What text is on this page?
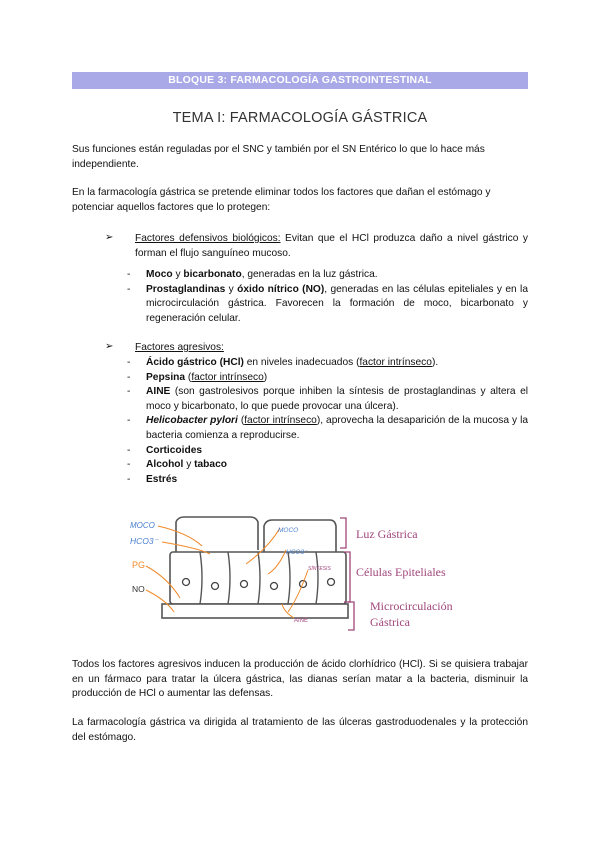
BLOQUE 3: FARMACOLOGÍA GASTROINTESTINAL
TEMA I: FARMACOLOGÍA GÁSTRICA
Sus funciones están reguladas por el SNC y también por el SN Entérico lo que lo hace más independiente.
En la farmacología gástrica se pretende eliminar todos los factores que dañan el estómago y potenciar aquellos factores que lo protegen:
➢ Factores defensivos biológicos: Evitan que el HCl produzca daño a nivel gástrico y forman el flujo sanguíneo mucoso.
- Moco y bicarbonato, generadas en la luz gástrica.
- Prostaglandinas y óxido nítrico (NO), generadas en las células epiteliales y en la microcirculación gástrica. Favorecen la formación de moco, bicarbonato y regeneración celular.
➢ Factores agresivos:
- Ácido gástrico (HCl) en niveles inadecuados (factor intrínseco).
- Pepsina (factor intrínseco)
- AINE (son gastrolesivos porque inhiben la síntesis de prostaglandinas y altera el moco y bicarbonato, lo que puede provocar una úlcera).
- Helicobacter pylori (factor intrínseco), aprovecha la desaparición de la mucosa y la bacteria comienza a reproducirse.
- Corticoides
- Alcohol y tabaco
- Estrés
MOCO
HCO3⁻
PG
NO
MOCO
HCO3⁻
SÍNTESIS
AINE
Luz Gástrica
Células Epiteliales
Microcirculación
Gástrica
Todos los factores agresivos inducen la producción de ácido clorhídrico (HCl). Si se quisiera trabajar en un fármaco para tratar la úlcera gástrica, las dianas serían matar a la bacteria, disminuir la producción de HCl o aumentar las defensas.
La farmacología gástrica va dirigida al tratamiento de las úlceras gastroduodenales y la protección del estómago.
